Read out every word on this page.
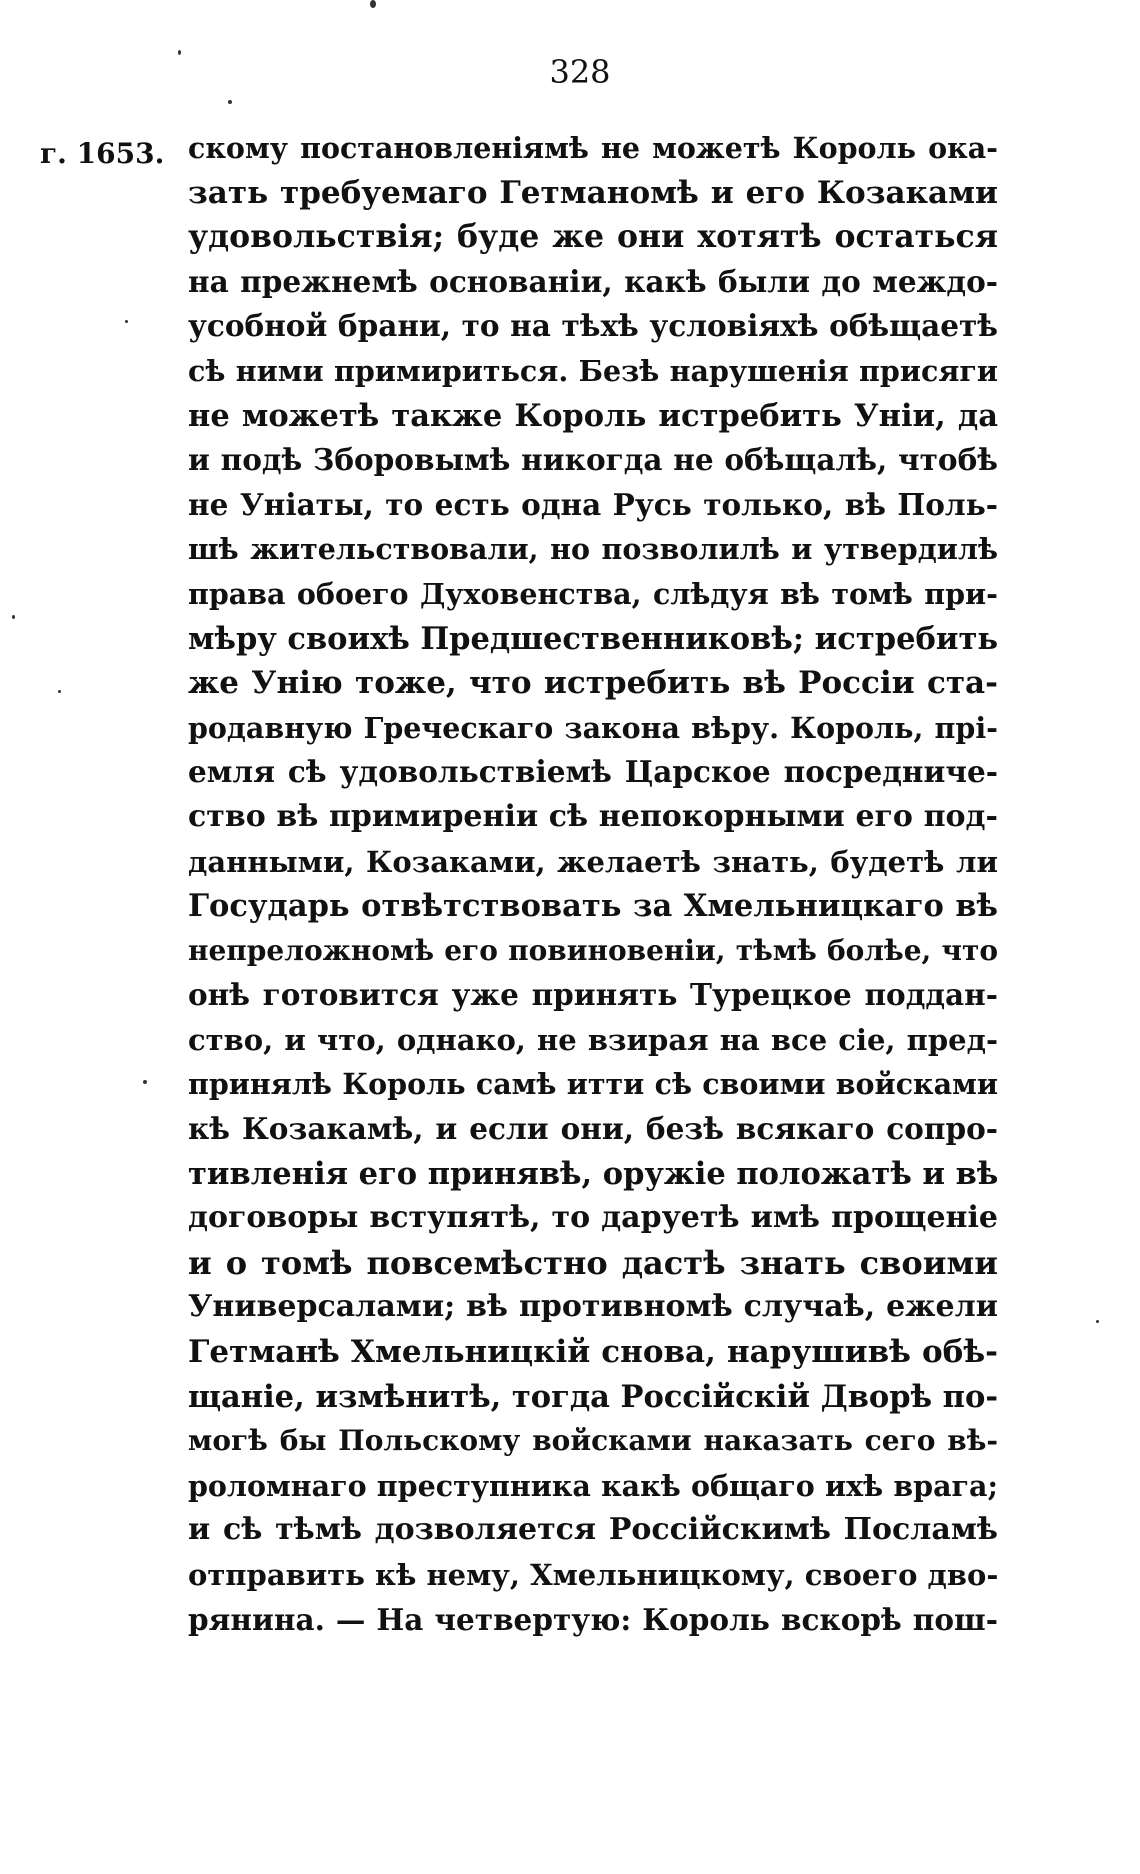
328
г. 1653. скому постановленіямѣ не можетѣ Король ока-
зать требуемаго Гетманомѣ и его Козаками
удовольствія; буде же они хотятѣ остаться
на прежнемѣ основаніи, какѣ были до междо-
усобной брани, то на тѣхѣ условіяхѣ обѣщаетѣ
сѣ ними примириться. Безѣ нарушенія присяги
не можетѣ также Король истребить Уніи, да
и подѣ Зборовымѣ никогда не обѣщалѣ, чтобѣ
не Уніаты, то есть одна Русь только, вѣ Поль-
шѣ жительствовали, но позволилѣ и утвердилѣ
права обоего Духовенства, слѣдуя вѣ томѣ при-
мѣру своихѣ Предшественниковѣ; истребить
же Унію тоже, что истребить вѣ Россіи ста-
родавную Греческаго закона вѣру. Король, прі-
емля сѣ удовольствіемѣ Царское посредниче-
ство вѣ примиреніи сѣ непокорными его под-
данными, Козаками, желаетѣ знать, будетѣ ли
Государь отвѣтствовать за Хмельницкаго вѣ
непреложномѣ его повиновеніи, тѣмѣ болѣе, что
онѣ готовится уже принять Турецкое поддан-
ство, и что, однако, не взирая на все сіе, пред-
принялѣ Король самѣ итти сѣ своими войсками
кѣ Козакамѣ, и если они, безѣ всякаго сопро-
тивленія его принявѣ, оружіе положатѣ и вѣ
договоры вступятѣ, то даруетѣ имѣ прощеніе
и о томѣ повсемѣстно дастѣ знать своими
Универсалами; вѣ противномѣ случаѣ, ежели
Гетманѣ Хмельницкій снова, нарушивѣ обѣ-
щаніе, измѣнитѣ, тогда Россійскій Дворѣ по-
могѣ бы Польскому войсками наказать сего вѣ-
роломнаго преступника какѣ общаго ихѣ врага;
и сѣ тѣмѣ дозволяется Россійскимѣ Посламѣ
отправить кѣ нему, Хмельницкому, своего дво-
рянина. — На четвертую: Король вскорѣ пош-
